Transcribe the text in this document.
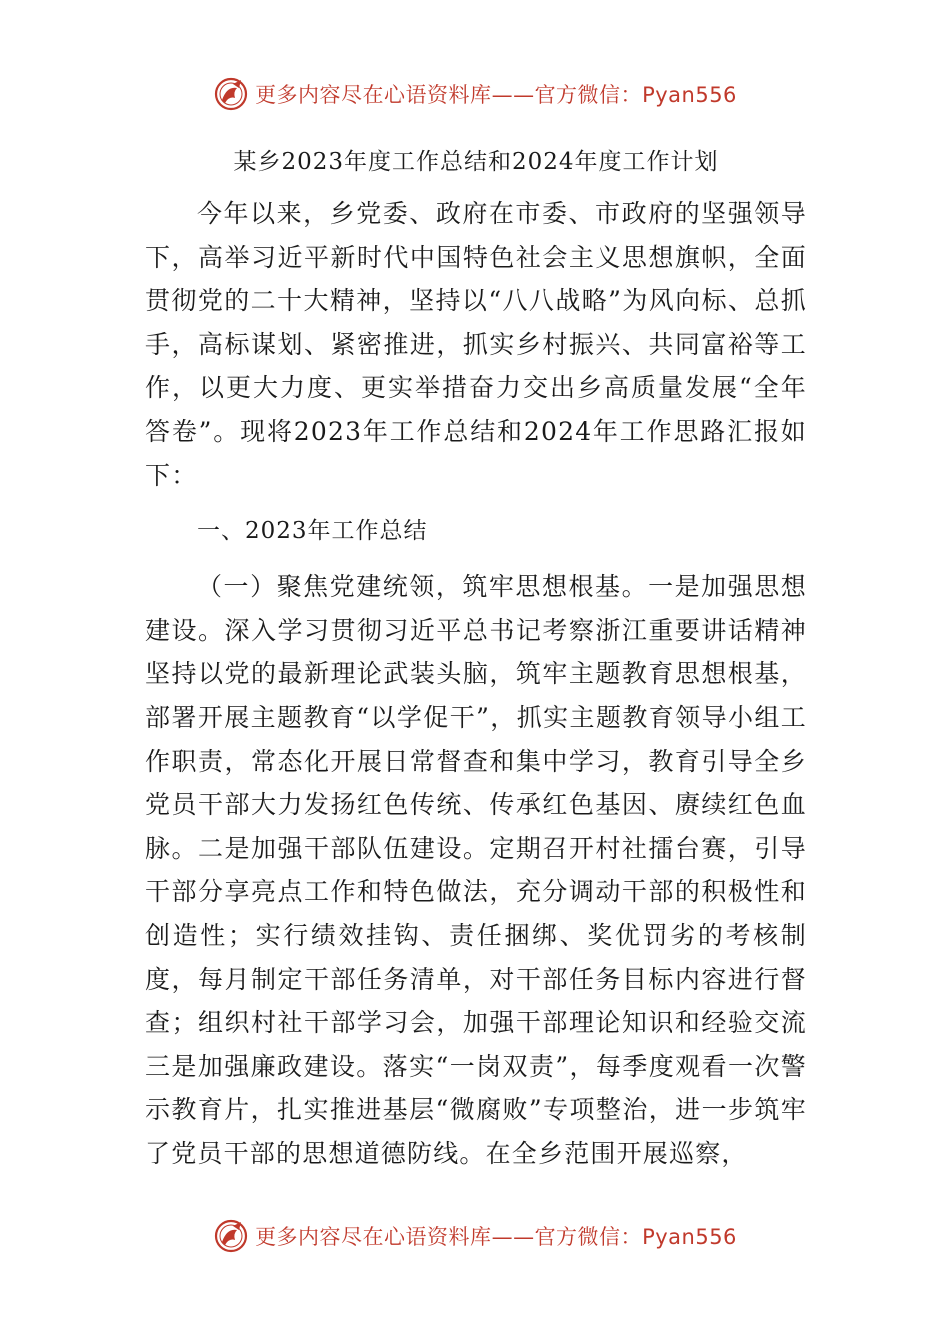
更多内容尽在心语资料库——官方微信：Pyan556
某乡2023年度工作总结和2024年度工作计划

今年以来，乡党委、政府在市委、市政府的坚强领导下，高举习近平新时代中国特色社会主义思想旗帜，全面贯彻党的二十大精神，坚持以“八八战略”为风向标、总抓手，高标谋划、紧密推进，抓实乡村振兴、共同富裕等工作，以更大力度、更实举措奋力交出乡高质量发展“全年答卷”。现将2023年工作总结和2024年工作思路汇报如下：

一、2023年工作总结

（一）聚焦党建统领，筑牢思想根基。一是加强思想建设。深入学习贯彻习近平总书记考察浙江重要讲话精神坚持以党的最新理论武装头脑，筑牢主题教育思想根基，部署开展主题教育“以学促干”，抓实主题教育领导小组工作职责，常态化开展日常督查和集中学习，教育引导全乡党员干部大力发扬红色传统、传承红色基因、赓续红色血脉。二是加强干部队伍建设。定期召开村社擂台赛，引导干部分享亮点工作和特色做法，充分调动干部的积极性和创造性；实行绩效挂钩、责任捆绑、奖优罚劣的考核制度，每月制定干部任务清单，对干部任务目标内容进行督查；组织村社干部学习会，加强干部理论知识和经验交流三是加强廉政建设。落实“一岗双责”，每季度观看一次警示教育片，扎实推进基层“微腐败”专项整治，进一步筑牢了党员干部的思想道德防线。在全乡范围开展巡察，

更多内容尽在心语资料库——官方微信：Pyan556
